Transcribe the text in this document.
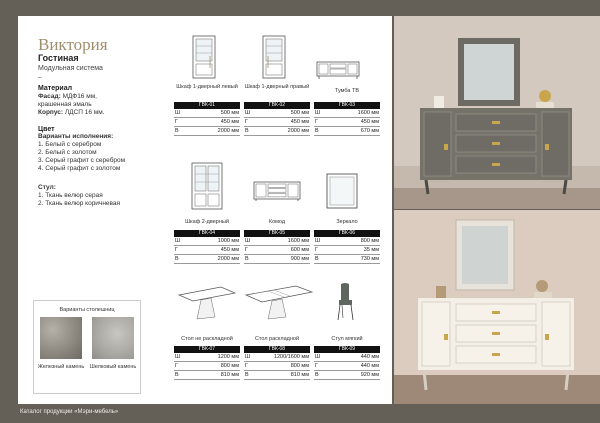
Виктория
Гостиная
Модульная система
–
Материал
Фасад: МДФ16 мм,
крашенная эмаль
Корпус: ЛДСП 16 мм.
Цвет
Варианты исполнения:
1. Белый с серебром
2. Белый с золотом
3. Серый графит с серебром
4. Серый графит с золотом
Стул:
1. Ткань велюр серая
2. Ткань велюр коричневая
Шкаф 1-дверный левый	Шкаф 1-дверный правый
Тумба ТВ
Шкаф 2-дверный	Комод	Зеркало
Стол не раскладной	Стол раскладной	Стул мягкий
ГВК-01
Ш	500 мм
Г	450 мм
В	2000 мм
ГВК-02
Ш	500 мм
Г	450 мм
В	2000 мм
ГВК-03
Ш	1600 мм
Г	450 мм
В	670 мм
ГВК-04
Ш	1000 мм
Г	450 мм
В	2000 мм
ГВК-05
Ш	1600 мм
Г	600 мм
В	900 мм
ГВК-06
Ш	800 мм
Г	35 мм
В	730 мм
ГВК-07
Ш	1200 мм
Г	800 мм
В	810 мм
ГВК-08
Ш	1200/1600 мм
Г	800 мм
В	810 мм
ГВК-09
Ш	440 мм
Г	440 мм
В	920 мм
Варианты столешниц
Железный камень	Шелковый камень
Каталог продукции «Мэри-мебель»
